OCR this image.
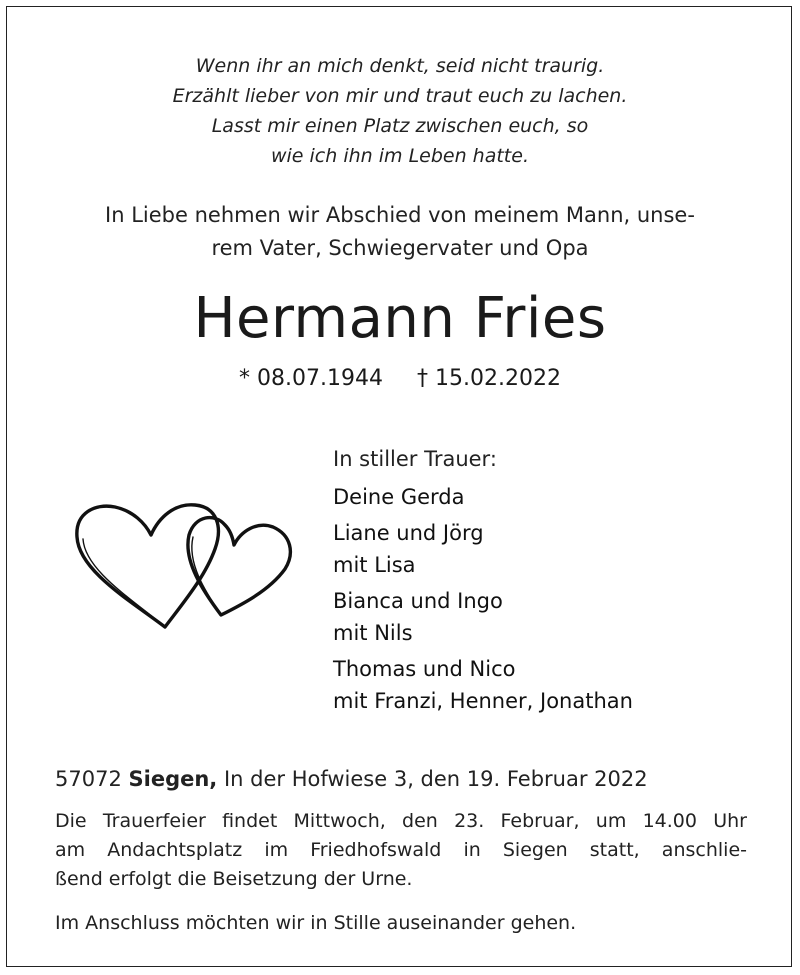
Wenn ihr an mich denkt, seid nicht traurig.
Erzählt lieber von mir und traut euch zu lachen.
Lasst mir einen Platz zwischen euch, so
wie ich ihn im Leben hatte.
In Liebe nehmen wir Abschied von meinem Mann, unse-
rem Vater, Schwiegervater und Opa
Hermann Fries
* 08.07.1944 † 15.02.2022
In stiller Trauer:
Deine Gerda
Liane und Jörg
mit Lisa
Bianca und Ingo
mit Nils
Thomas und Nico
mit Franzi, Henner, Jonathan
57072 Siegen, In der Hofwiese 3, den 19. Februar 2022
Die Trauerfeier findet Mittwoch, den 23. Februar, um 14.00 Uhr
am Andachtsplatz im Friedhofswald in Siegen statt, anschlie-
ßend erfolgt die Beisetzung der Urne.
Im Anschluss möchten wir in Stille auseinander gehen.
